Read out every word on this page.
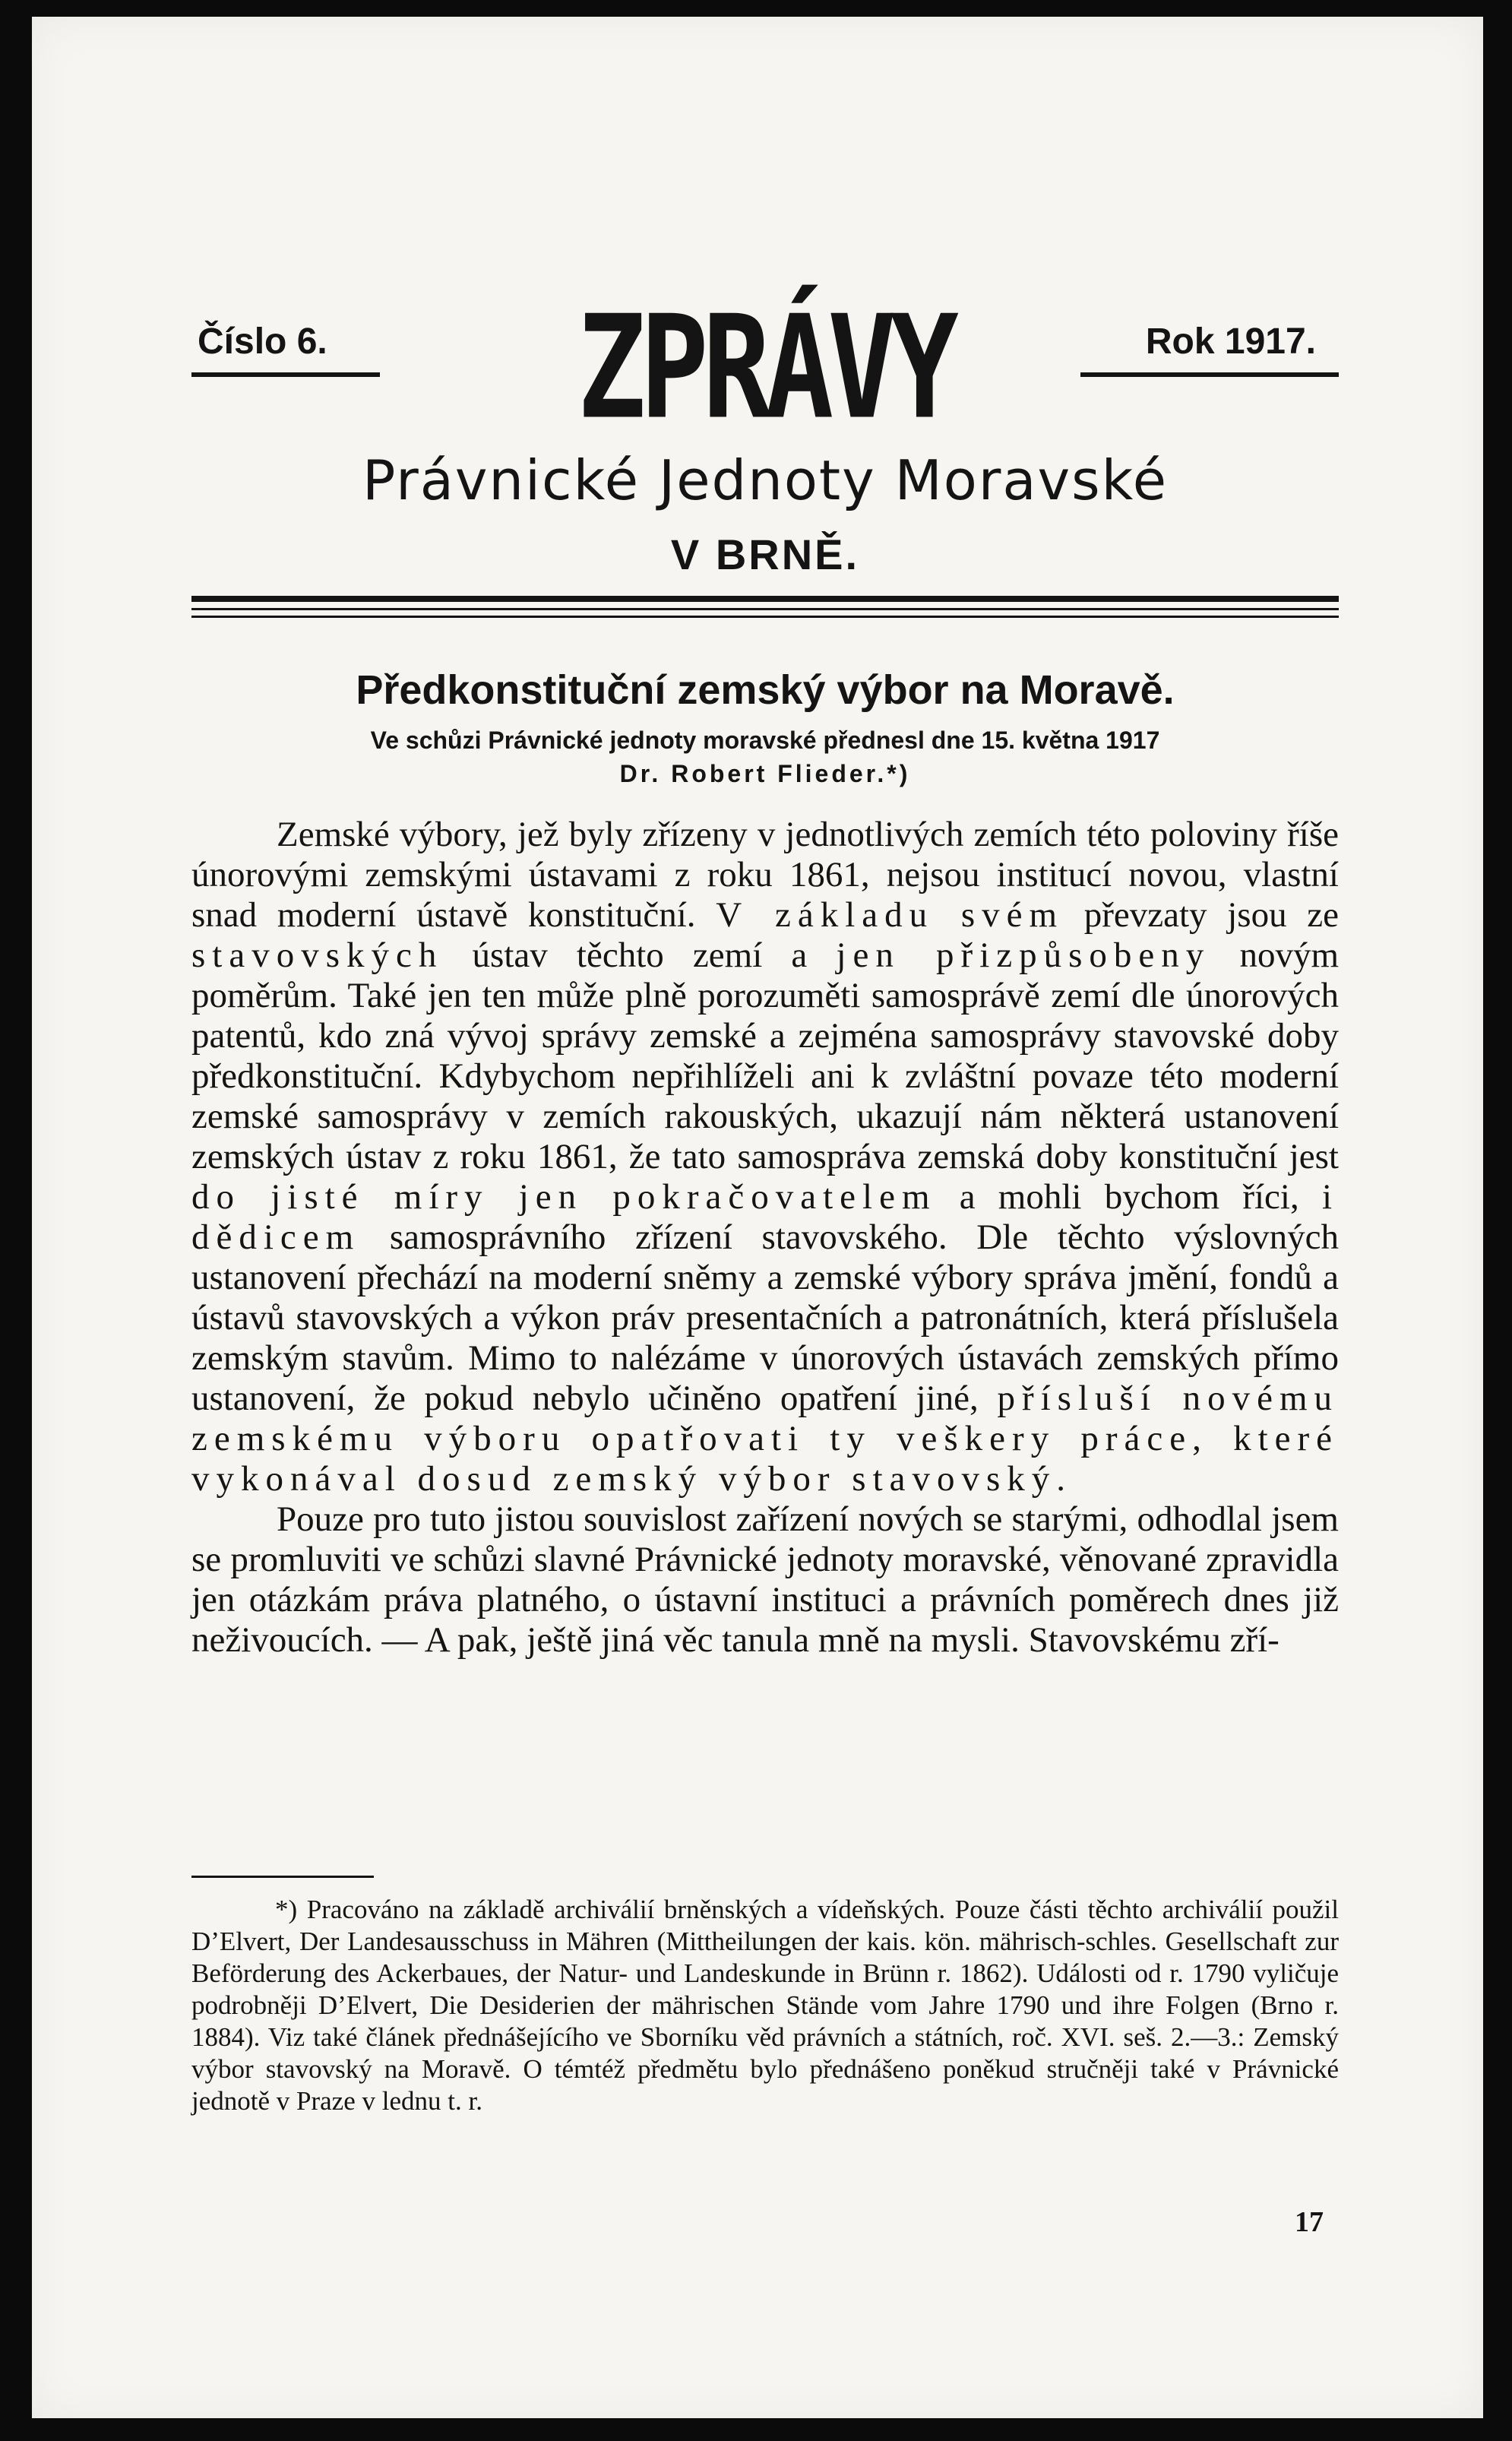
Číslo 6.	ZPRÁVY	Rok 1917.
Právnické Jednoty Moravské
V BRNĚ.
Předkonstituční zemský výbor na Moravě.
Ve schůzi Právnické jednoty moravské přednesl dne 15. května 1917
Dr. Robert Flieder.*)

Zemské výbory, jež byly zřízeny v jednotlivých zemích této poloviny říše únorovými zemskými ústavami z roku 1861, nejsou institucí novou, vlastní snad moderní ústavě konstituční. V základu svém převzaty jsou ze stavovských ústav těchto zemí a jen přizpůsobeny novým poměrům. Také jen ten může plně porozuměti samosprávě zemí dle únorových patentů, kdo zná vývoj správy zemské a zejména samosprávy stavovské doby předkonstituční. Kdybychom nepřihlíželi ani k zvláštní povaze této moderní zemské samosprávy v zemích rakouských, ukazují nám některá ustanovení zemských ústav z roku 1861, že tato samospráva zemská doby konstituční jest do jisté míry jen pokračovatelem a mohli bychom říci, i dědicem samosprávního zřízení stavovského. Dle těchto výslovných ustanovení přechází na moderní sněmy a zemské výbory správa jmění, fondů a ústavů stavovských a výkon práv presentačních a patronátních, která příslušela zemským stavům. Mimo to nalézáme v únorových ústavách zemských přímo ustanovení, že pokud nebylo učiněno opatření jiné, přísluší novému zemskému výboru opatřovati ty veškery práce, které vykonával dosud zemský výbor stavovský.

Pouze pro tuto jistou souvislost zařízení nových se starými, odhodlal jsem se promluviti ve schůzi slavné Právnické jednoty moravské, věnované zpravidla jen otázkám práva platného, o ústavní instituci a právních poměrech dnes již neživoucích. — A pak, ještě jiná věc tanula mně na mysli. Stavovskému zří-

*) Pracováno na základě archiválií brněnských a vídeňských. Pouze části těchto archiválií použil D’Elvert, Der Landesausschuss in Mähren (Mittheilungen der kais. kön. mährisch-schles. Gesellschaft zur Beförderung des Ackerbaues, der Natur- und Landeskunde in Brünn r. 1862). Události od r. 1790 vyličuje podrobněji D’Elvert, Die Desiderien der mährischen Stände vom Jahre 1790 und ihre Folgen (Brno r. 1884). Viz také článek přednášejícího ve Sborníku věd právních a státních, roč. XVI. seš. 2.—3.: Zemský výbor stavovský na Moravě. O témtéž předmětu bylo přednášeno poněkud stručněji také v Právnické jednotě v Praze v lednu t. r.

17
